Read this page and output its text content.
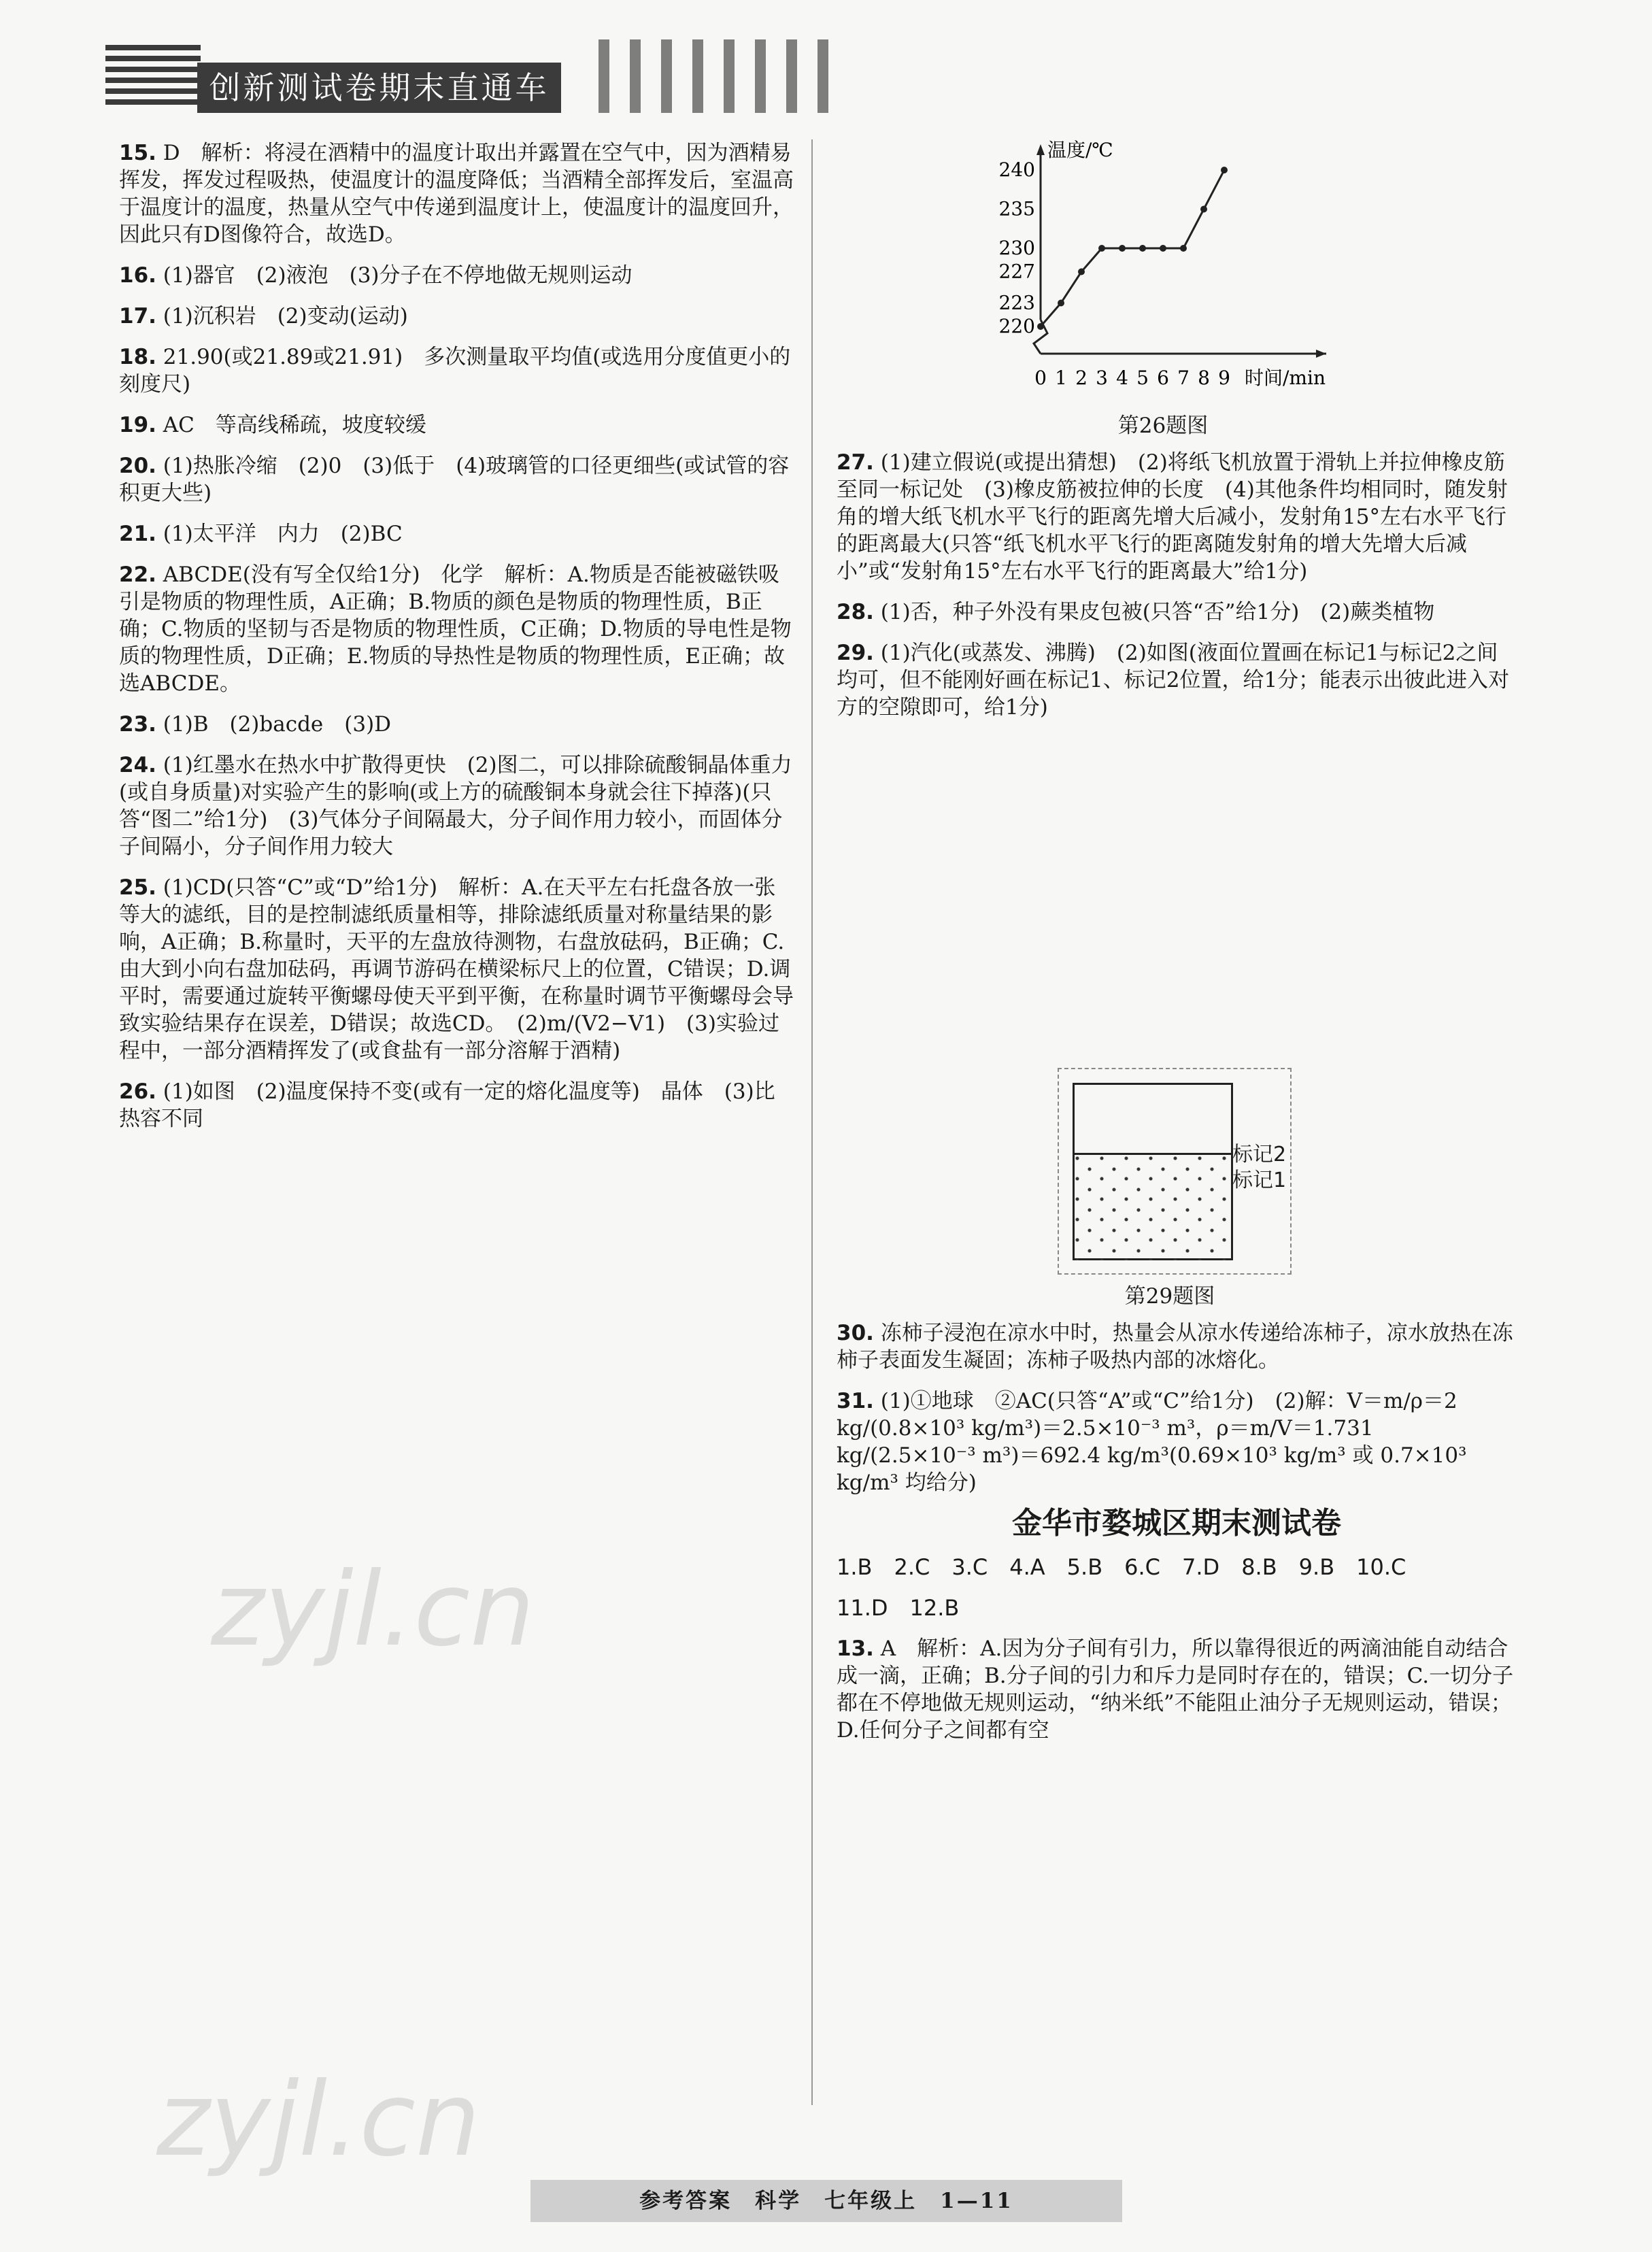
创新测试卷期末直通车
15. D　解析：将浸在酒精中的温度计取出并露置在空气中，因为酒精易挥发，挥发过程吸热，使温度计的温度降低；当酒精全部挥发后，室温高于温度计的温度，热量从空气中传递到温度计上，使温度计的温度回升，因此只有D图像符合，故选D。
16. (1)器官　(2)液泡　(3)分子在不停地做无规则运动
17. (1)沉积岩　(2)变动(运动)
18. 21.90(或21.89或21.91)　多次测量取平均值(或选用分度值更小的刻度尺)
19. AC　等高线稀疏，坡度较缓
20. (1)热胀冷缩　(2)0　(3)低于　(4)玻璃管的口径更细些(或试管的容积更大些)
21. (1)太平洋　内力　(2)BC
22. ABCDE(没有写全仅给1分)　化学　解析：A.物质是否能被磁铁吸引是物质的物理性质，A正确；B.物质的颜色是物质的物理性质，B正确；C.物质的坚韧与否是物质的物理性质，C正确；D.物质的导电性是物质的物理性质，D正确；E.物质的导热性是物质的物理性质，E正确；故选ABCDE。
23. (1)B　(2)bacde　(3)D
24. (1)红墨水在热水中扩散得更快　(2)图二，可以排除硫酸铜晶体重力(或自身质量)对实验产生的影响(或上方的硫酸铜本身就会往下掉落)(只答“图二”给1分)　(3)气体分子间隔最大，分子间作用力较小，而固体分子间隔小，分子间作用力较大
25. (1)CD(只答“C”或“D”给1分)　解析：A.在天平左右托盘各放一张等大的滤纸，目的是控制滤纸质量相等，排除滤纸质量对称量结果的影响，A正确；B.称量时，天平的左盘放待测物，右盘放砝码，B正确；C.由大到小向右盘加砝码，再调节游码在横梁标尺上的位置，C错误；D.调平时，需要通过旋转平衡螺母使天平到平衡，在称量时调节平衡螺母会导致实验结果存在误差，D错误；故选CD。　(2)m/(V2−V1)　(3)实验过程中，一部分酒精挥发了(或食盐有一部分溶解于酒精)
26. (1)如图　(2)温度保持不变(或有一定的熔化温度等)　晶体　(3)比热容不同
温度/℃
时间/min
240
235
230
227
223
220
0 1 2 3 4 5 6 7 8 9
第26题图
27. (1)建立假说(或提出猜想)　(2)将纸飞机放置于滑轨上并拉伸橡皮筋至同一标记处　(3)橡皮筋被拉伸的长度　(4)其他条件均相同时，随发射角的增大纸飞机水平飞行的距离先增大后减小，发射角15°左右水平飞行的距离最大(只答“纸飞机水平飞行的距离随发射角的增大先增大后减小”或“发射角15°左右水平飞行的距离最大”给1分)
28. (1)否，种子外没有果皮包被(只答“否”给1分)　(2)蕨类植物
29. (1)汽化(或蒸发、沸腾)　(2)如图(液面位置画在标记1与标记2之间均可，但不能刚好画在标记1、标记2位置，给1分；能表示出彼此进入对方的空隙即可，给1分)
标记2
标记1
第29题图
30. 冻柿子浸泡在凉水中时，热量会从凉水传递给冻柿子，凉水放热在冻柿子表面发生凝固；冻柿子吸热内部的冰熔化。
31. (1)①地球　②AC(只答“A”或“C”给1分)　(2)解：V＝m/ρ＝2 kg/(0.8×10³ kg/m³)＝2.5×10⁻³ m³，ρ＝m/V＝1.731 kg/(2.5×10⁻³ m³)＝692.4 kg/m³(0.69×10³ kg/m³ 或 0.7×10³ kg/m³ 均给分)
金华市婺城区期末测试卷
1.B　2.C　3.C　4.A　5.B　6.C　7.D　8.B　9.B　10.C
11.D　12.B
13. A　解析：A.因为分子间有引力，所以靠得很近的两滴油能自动结合成一滴，正确；B.分子间的引力和斥力是同时存在的，错误；C.一切分子都在不停地做无规则运动，“纳米纸”不能阻止油分子无规则运动，错误；D.任何分子之间都有空
zyjl.cn
zyjl.cn
参考答案　科学　七年级上　1—11
